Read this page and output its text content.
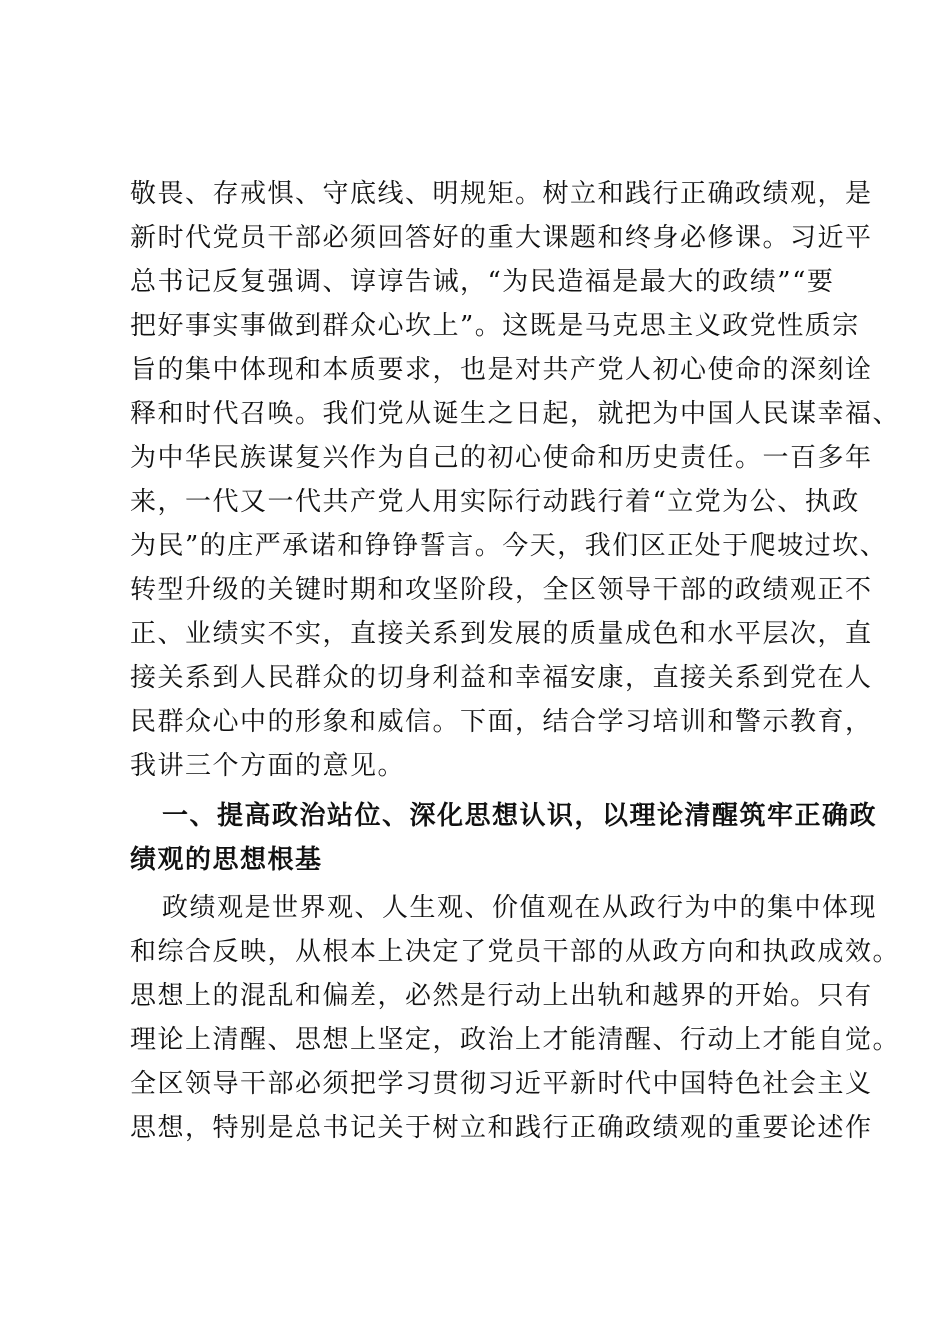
敬畏、存戒惧、守底线、明规矩。树立和践行正确政绩观，是
新时代党员干部必须回答好的重大课题和终身必修课。习近平
总书记反复强调、谆谆告诫，“为民造福是最大的政绩”“要
把好事实事做到群众心坎上”。这既是马克思主义政党性质宗
旨的集中体现和本质要求，也是对共产党人初心使命的深刻诠
释和时代召唤。我们党从诞生之日起，就把为中国人民谋幸福、
为中华民族谋复兴作为自己的初心使命和历史责任。一百多年
来，一代又一代共产党人用实际行动践行着“立党为公、执政
为民”的庄严承诺和铮铮誓言。今天，我们区正处于爬坡过坎、
转型升级的关键时期和攻坚阶段，全区领导干部的政绩观正不
正、业绩实不实，直接关系到发展的质量成色和水平层次，直
接关系到人民群众的切身利益和幸福安康，直接关系到党在人
民群众心中的形象和威信。下面，结合学习培训和警示教育，
我讲三个方面的意见。
一、提高政治站位、深化思想认识，以理论清醒筑牢正确政
绩观的思想根基
政绩观是世界观、人生观、价值观在从政行为中的集中体现
和综合反映，从根本上决定了党员干部的从政方向和执政成效。
思想上的混乱和偏差，必然是行动上出轨和越界的开始。只有
理论上清醒、思想上坚定，政治上才能清醒、行动上才能自觉。
全区领导干部必须把学习贯彻习近平新时代中国特色社会主义
思想，特别是总书记关于树立和践行正确政绩观的重要论述作
